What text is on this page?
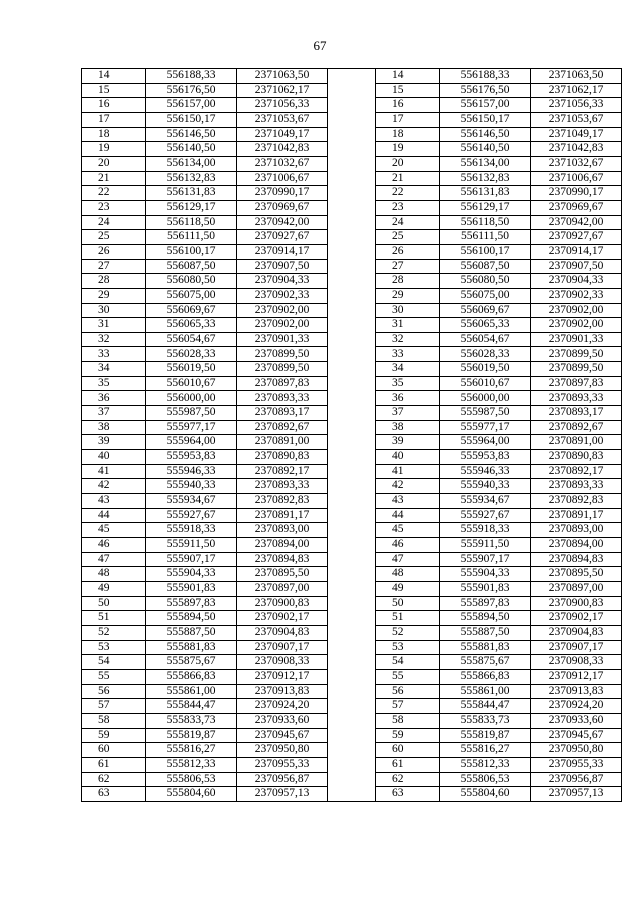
67
14	556188,33	2371063,50		14	556188,33	2371063,50
15	556176,50	2371062,17		15	556176,50	2371062,17
16	556157,00	2371056,33		16	556157,00	2371056,33
17	556150,17	2371053,67		17	556150,17	2371053,67
18	556146,50	2371049,17		18	556146,50	2371049,17
19	556140,50	2371042,83		19	556140,50	2371042,83
20	556134,00	2371032,67		20	556134,00	2371032,67
21	556132,83	2371006,67		21	556132,83	2371006,67
22	556131,83	2370990,17		22	556131,83	2370990,17
23	556129,17	2370969,67		23	556129,17	2370969,67
24	556118,50	2370942,00		24	556118,50	2370942,00
25	556111,50	2370927,67		25	556111,50	2370927,67
26	556100,17	2370914,17		26	556100,17	2370914,17
27	556087,50	2370907,50		27	556087,50	2370907,50
28	556080,50	2370904,33		28	556080,50	2370904,33
29	556075,00	2370902,33		29	556075,00	2370902,33
30	556069,67	2370902,00		30	556069,67	2370902,00
31	556065,33	2370902,00		31	556065,33	2370902,00
32	556054,67	2370901,33		32	556054,67	2370901,33
33	556028,33	2370899,50		33	556028,33	2370899,50
34	556019,50	2370899,50		34	556019,50	2370899,50
35	556010,67	2370897,83		35	556010,67	2370897,83
36	556000,00	2370893,33		36	556000,00	2370893,33
37	555987,50	2370893,17		37	555987,50	2370893,17
38	555977,17	2370892,67		38	555977,17	2370892,67
39	555964,00	2370891,00		39	555964,00	2370891,00
40	555953,83	2370890,83		40	555953,83	2370890,83
41	555946,33	2370892,17		41	555946,33	2370892,17
42	555940,33	2370893,33		42	555940,33	2370893,33
43	555934,67	2370892,83		43	555934,67	2370892,83
44	555927,67	2370891,17		44	555927,67	2370891,17
45	555918,33	2370893,00		45	555918,33	2370893,00
46	555911,50	2370894,00		46	555911,50	2370894,00
47	555907,17	2370894,83		47	555907,17	2370894,83
48	555904,33	2370895,50		48	555904,33	2370895,50
49	555901,83	2370897,00		49	555901,83	2370897,00
50	555897,83	2370900,83		50	555897,83	2370900,83
51	555894,50	2370902,17		51	555894,50	2370902,17
52	555887,50	2370904,83		52	555887,50	2370904,83
53	555881,83	2370907,17		53	555881,83	2370907,17
54	555875,67	2370908,33		54	555875,67	2370908,33
55	555866,83	2370912,17		55	555866,83	2370912,17
56	555861,00	2370913,83		56	555861,00	2370913,83
57	555844,47	2370924,20		57	555844,47	2370924,20
58	555833,73	2370933,60		58	555833,73	2370933,60
59	555819,87	2370945,67		59	555819,87	2370945,67
60	555816,27	2370950,80		60	555816,27	2370950,80
61	555812,33	2370955,33		61	555812,33	2370955,33
62	555806,53	2370956,87		62	555806,53	2370956,87
63	555804,60	2370957,13		63	555804,60	2370957,13
